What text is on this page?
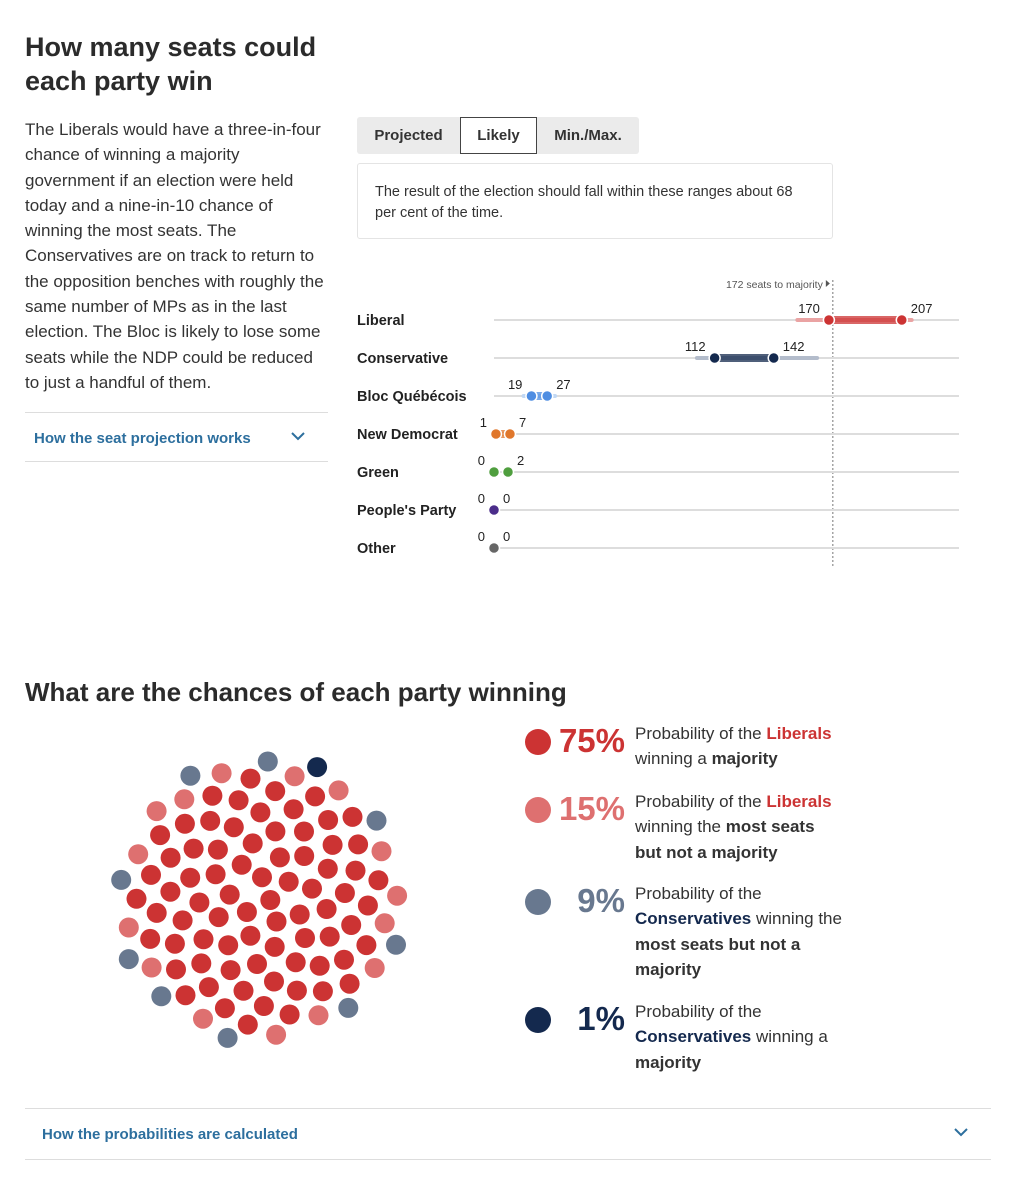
How many seats could each party win

The Liberals would have a three-in-four chance of winning a majority government if an election were held today and a nine-in-10 chance of winning the most seats. The Conservatives are on track to return to the opposition benches with roughly the same number of MPs as in the last election. The Bloc is likely to lose some seats while the NDP could be reduced to just a handful of them.

How the seat projection works
Projected	Likely	Min./Max.
The result of the election should fall within these ranges about 68 per cent of the time.
172 seats to majority
Liberal
170	207
Conservative
112	142
Bloc Québécois
19	27
New Democrat
1 7
Green
0 2
People's Party
0 0
Other
0 0
What are the chances of each party winning
75% Probability of the Liberals
winning a majority
15% Probability of the Liberals
winning the most seats
but not a majority
9% Probability of the
Conservatives winning the
most seats but not a
majority
1% Probability of the
Conservatives winning a
majority
How the probabilities are calculated
